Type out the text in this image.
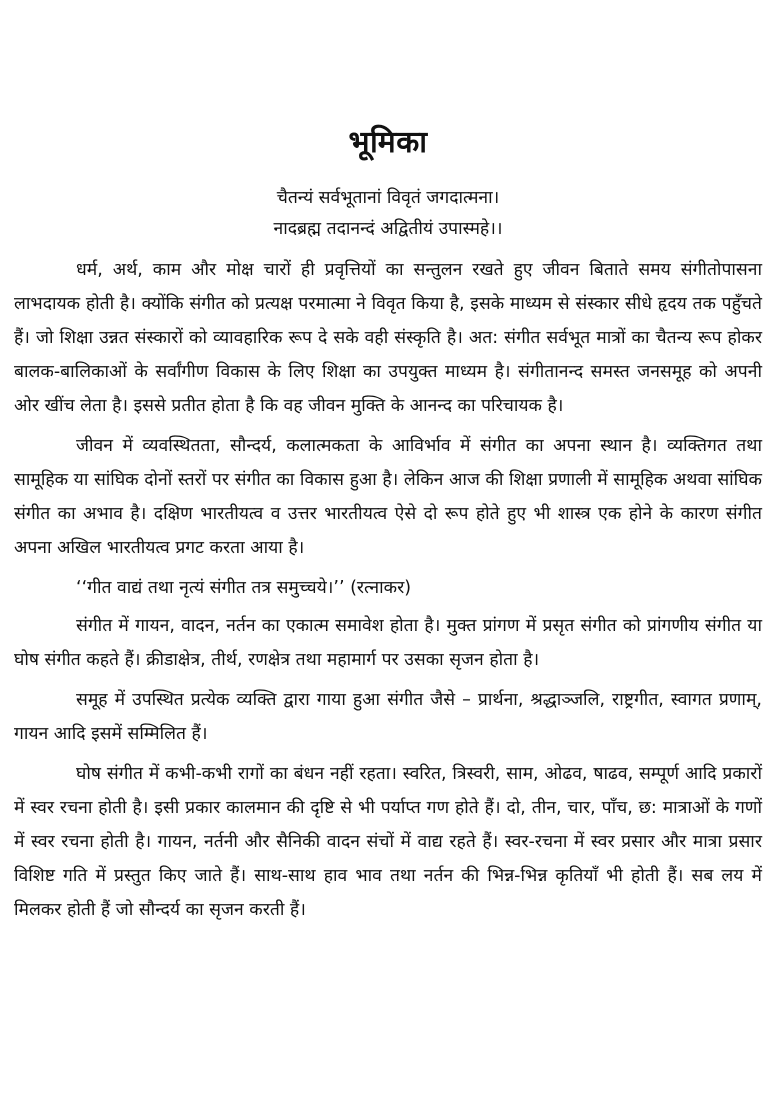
भूमिका
चैतन्यं सर्वभूतानां विवृतं जगदात्मना।
नादब्रह्म तदानन्दं अद्वितीयं उपास्महे।।

धर्म, अर्थ, काम और मोक्ष चारों ही प्रवृत्तियों का सन्तुलन रखते हुए जीवन बिताते समय संगीतोपासना लाभदायक होती है। क्योंकि संगीत को प्रत्यक्ष परमात्मा ने विवृत किया है, इसके माध्यम से संस्कार सीधे हृदय तक पहुँचते हैं। जो शिक्षा उन्नत संस्कारों को व्यावहारिक रूप दे सके वही संस्कृति है। अत: संगीत सर्वभूत मात्रों का चैतन्य रूप होकर बालक-बालिकाओं के सर्वांगीण विकास के लिए शिक्षा का उपयुक्त माध्यम है। संगीतानन्द समस्त जनसमूह को अपनी ओर खींच लेता है। इससे प्रतीत होता है कि वह जीवन मुक्ति के आनन्द का परिचायक है।

जीवन में व्यवस्थितता, सौन्दर्य, कलात्मकता के आविर्भाव में संगीत का अपना स्थान है। व्यक्तिगत तथा सामूहिक या सांघिक दोनों स्तरों पर संगीत का विकास हुआ है। लेकिन आज की शिक्षा प्रणाली में सामूहिक अथवा सांघिक संगीत का अभाव है। दक्षिण भारतीयत्व व उत्तर भारतीयत्व ऐसे दो रूप होते हुए भी शास्त्र एक होने के कारण संगीत अपना अखिल भारतीयत्व प्रगट करता आया है।

‘‘गीत वाद्यं तथा नृत्यं संगीत तत्र समुच्चये।’’ (रत्नाकर)

संगीत में गायन, वादन, नर्तन का एकात्म समावेश होता है। मुक्त प्रांगण में प्रसृत संगीत को प्रांगणीय संगीत या घोष संगीत कहते हैं। क्रीडाक्षेत्र, तीर्थ, रणक्षेत्र तथा महामार्ग पर उसका सृजन होता है।

समूह में उपस्थित प्रत्येक व्यक्ति द्वारा गाया हुआ संगीत जैसे – प्रार्थना, श्रद्धाञ्जलि, राष्ट्रगीत, स्वागत प्रणाम्, गायन आदि इसमें सम्मिलित हैं।

घोष संगीत में कभी-कभी रागों का बंधन नहीं रहता। स्वरित, त्रिस्वरी, साम, ओढव, षाढव, सम्पूर्ण आदि प्रकारों में स्वर रचना होती है। इसी प्रकार कालमान की दृष्टि से भी पर्याप्त गण होते हैं। दो, तीन, चार, पाँच, छ: मात्राओं के गणों में स्वर रचना होती है। गायन, नर्तनी और सैनिकी वादन संचों में वाद्य रहते हैं। स्वर-रचना में स्वर प्रसार और मात्रा प्रसार विशिष्ट गति में प्रस्तुत किए जाते हैं। साथ-साथ हाव भाव तथा नर्तन की भिन्न-भिन्न कृतियाँ भी होती हैं। सब लय में मिलकर होती हैं जो सौन्दर्य का सृजन करती हैं।
